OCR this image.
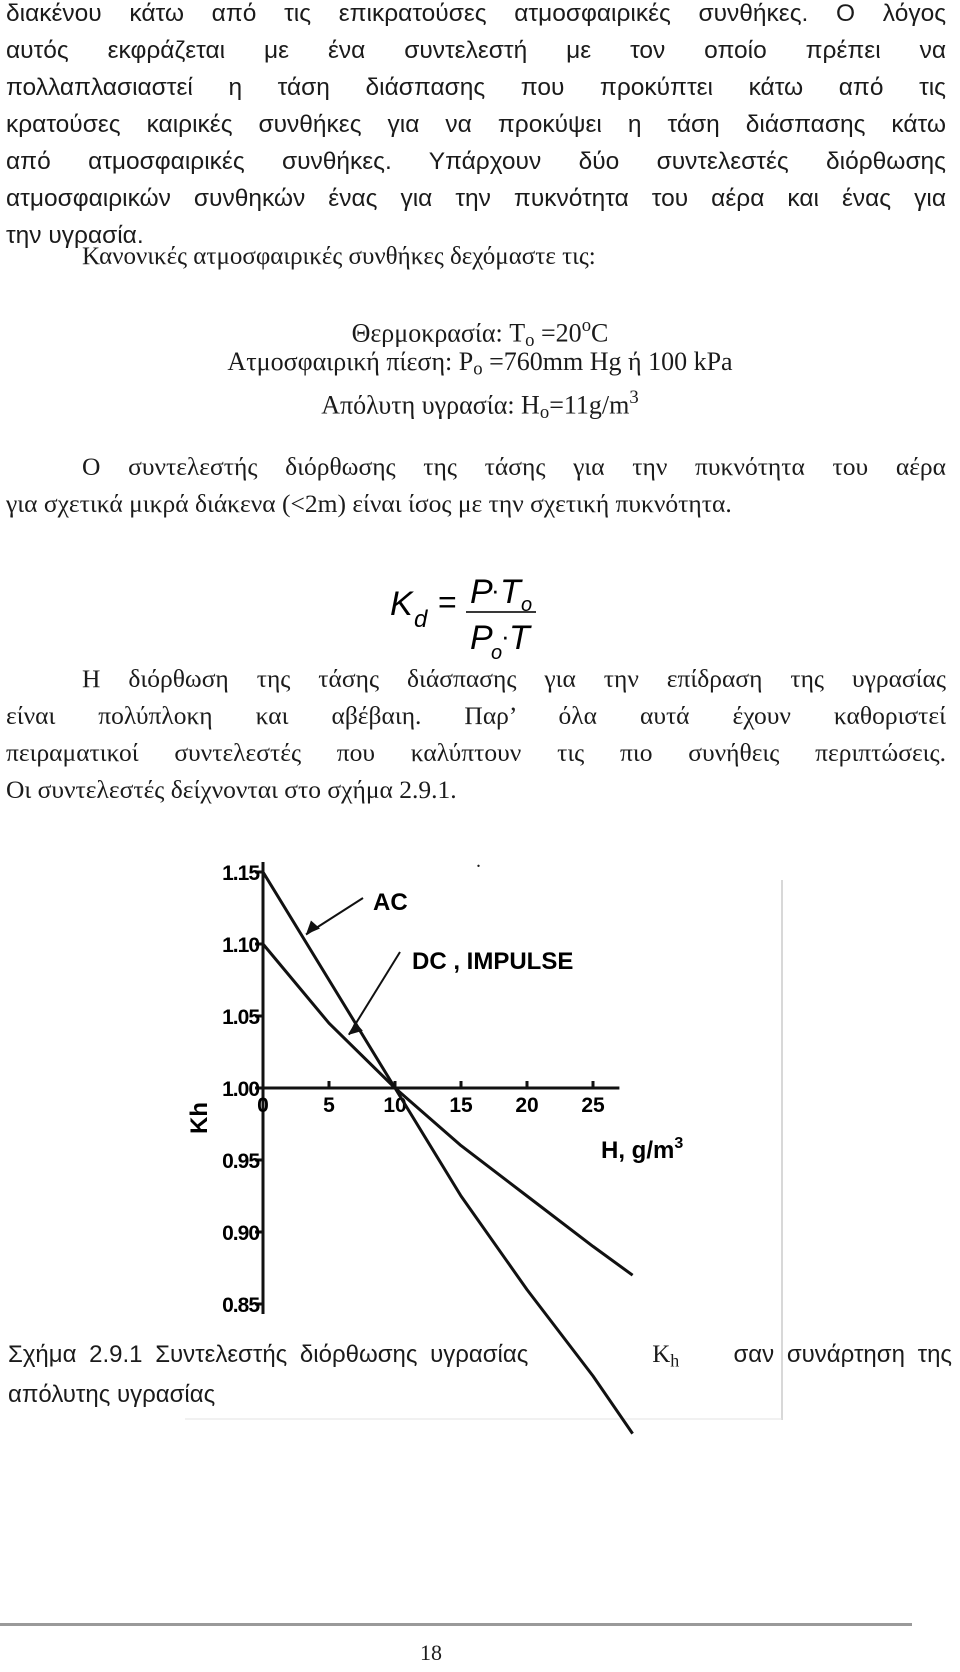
διακένου κάτω από τις επικρατούσες ατμοσφαιρικές συνθήκες. Ο λόγος
αυτός εκφράζεται με ένα συντελεστή με τον οποίο πρέπει να
πολλαπλασιαστεί η τάση διάσπασης που προκύπτει κάτω από τις
κρατούσες καιρικές συνθήκες για να προκύψει η τάση διάσπασης κάτω
από ατμοσφαιρικές συνθήκες. Υπάρχουν δύο συντελεστές διόρθωσης
ατμοσφαιρικών συνθηκών ένας για την πυκνότητα του αέρα και ένας για
την υγρασία.

Κανονικές ατμοσφαιρικές συνθήκες δεχόμαστε τις:

Θερμοκρασία: $T_o =20^oC$

Ατμοσφαιρική πίεση: $P_o =760mm$ Hg ή 100 kPa

Απόλυτη υγρασία: $H_o=11g/m^3$

Ο συντελεστής διόρθωσης της τάσης για την πυκνότητα του αέρα
για σχετικά μικρά διάκενα (<2m) είναι ίσος με την σχετική πυκνότητα.
K d = P
· T o
P
o
· T
Η διόρθωση της τάσης διάσπασης για την επίδραση της υγρασίας
είναι πολύπλοκη και αβέβαιη. Παρ’ όλα αυτά έχουν καθοριστεί
πειραματικοί συντελεστές που καλύπτουν τις πιο συνήθεις περιπτώσεις.
Οι συντελεστές δείχνονται στο σχήμα 2.9.1.

.

1.15
1.10
1.05
1.00
0.95
0.90
0.85
0	5 10 15 20 25
AC
DC , IMPULSE
Kh
H, $g/m^3$
Σχήμα 2.9.1 Συντελεστής διόρθωσης υγρασίας	$K_h$ σαν συνάρτηση της
απόλυτης υγρασίας

18
